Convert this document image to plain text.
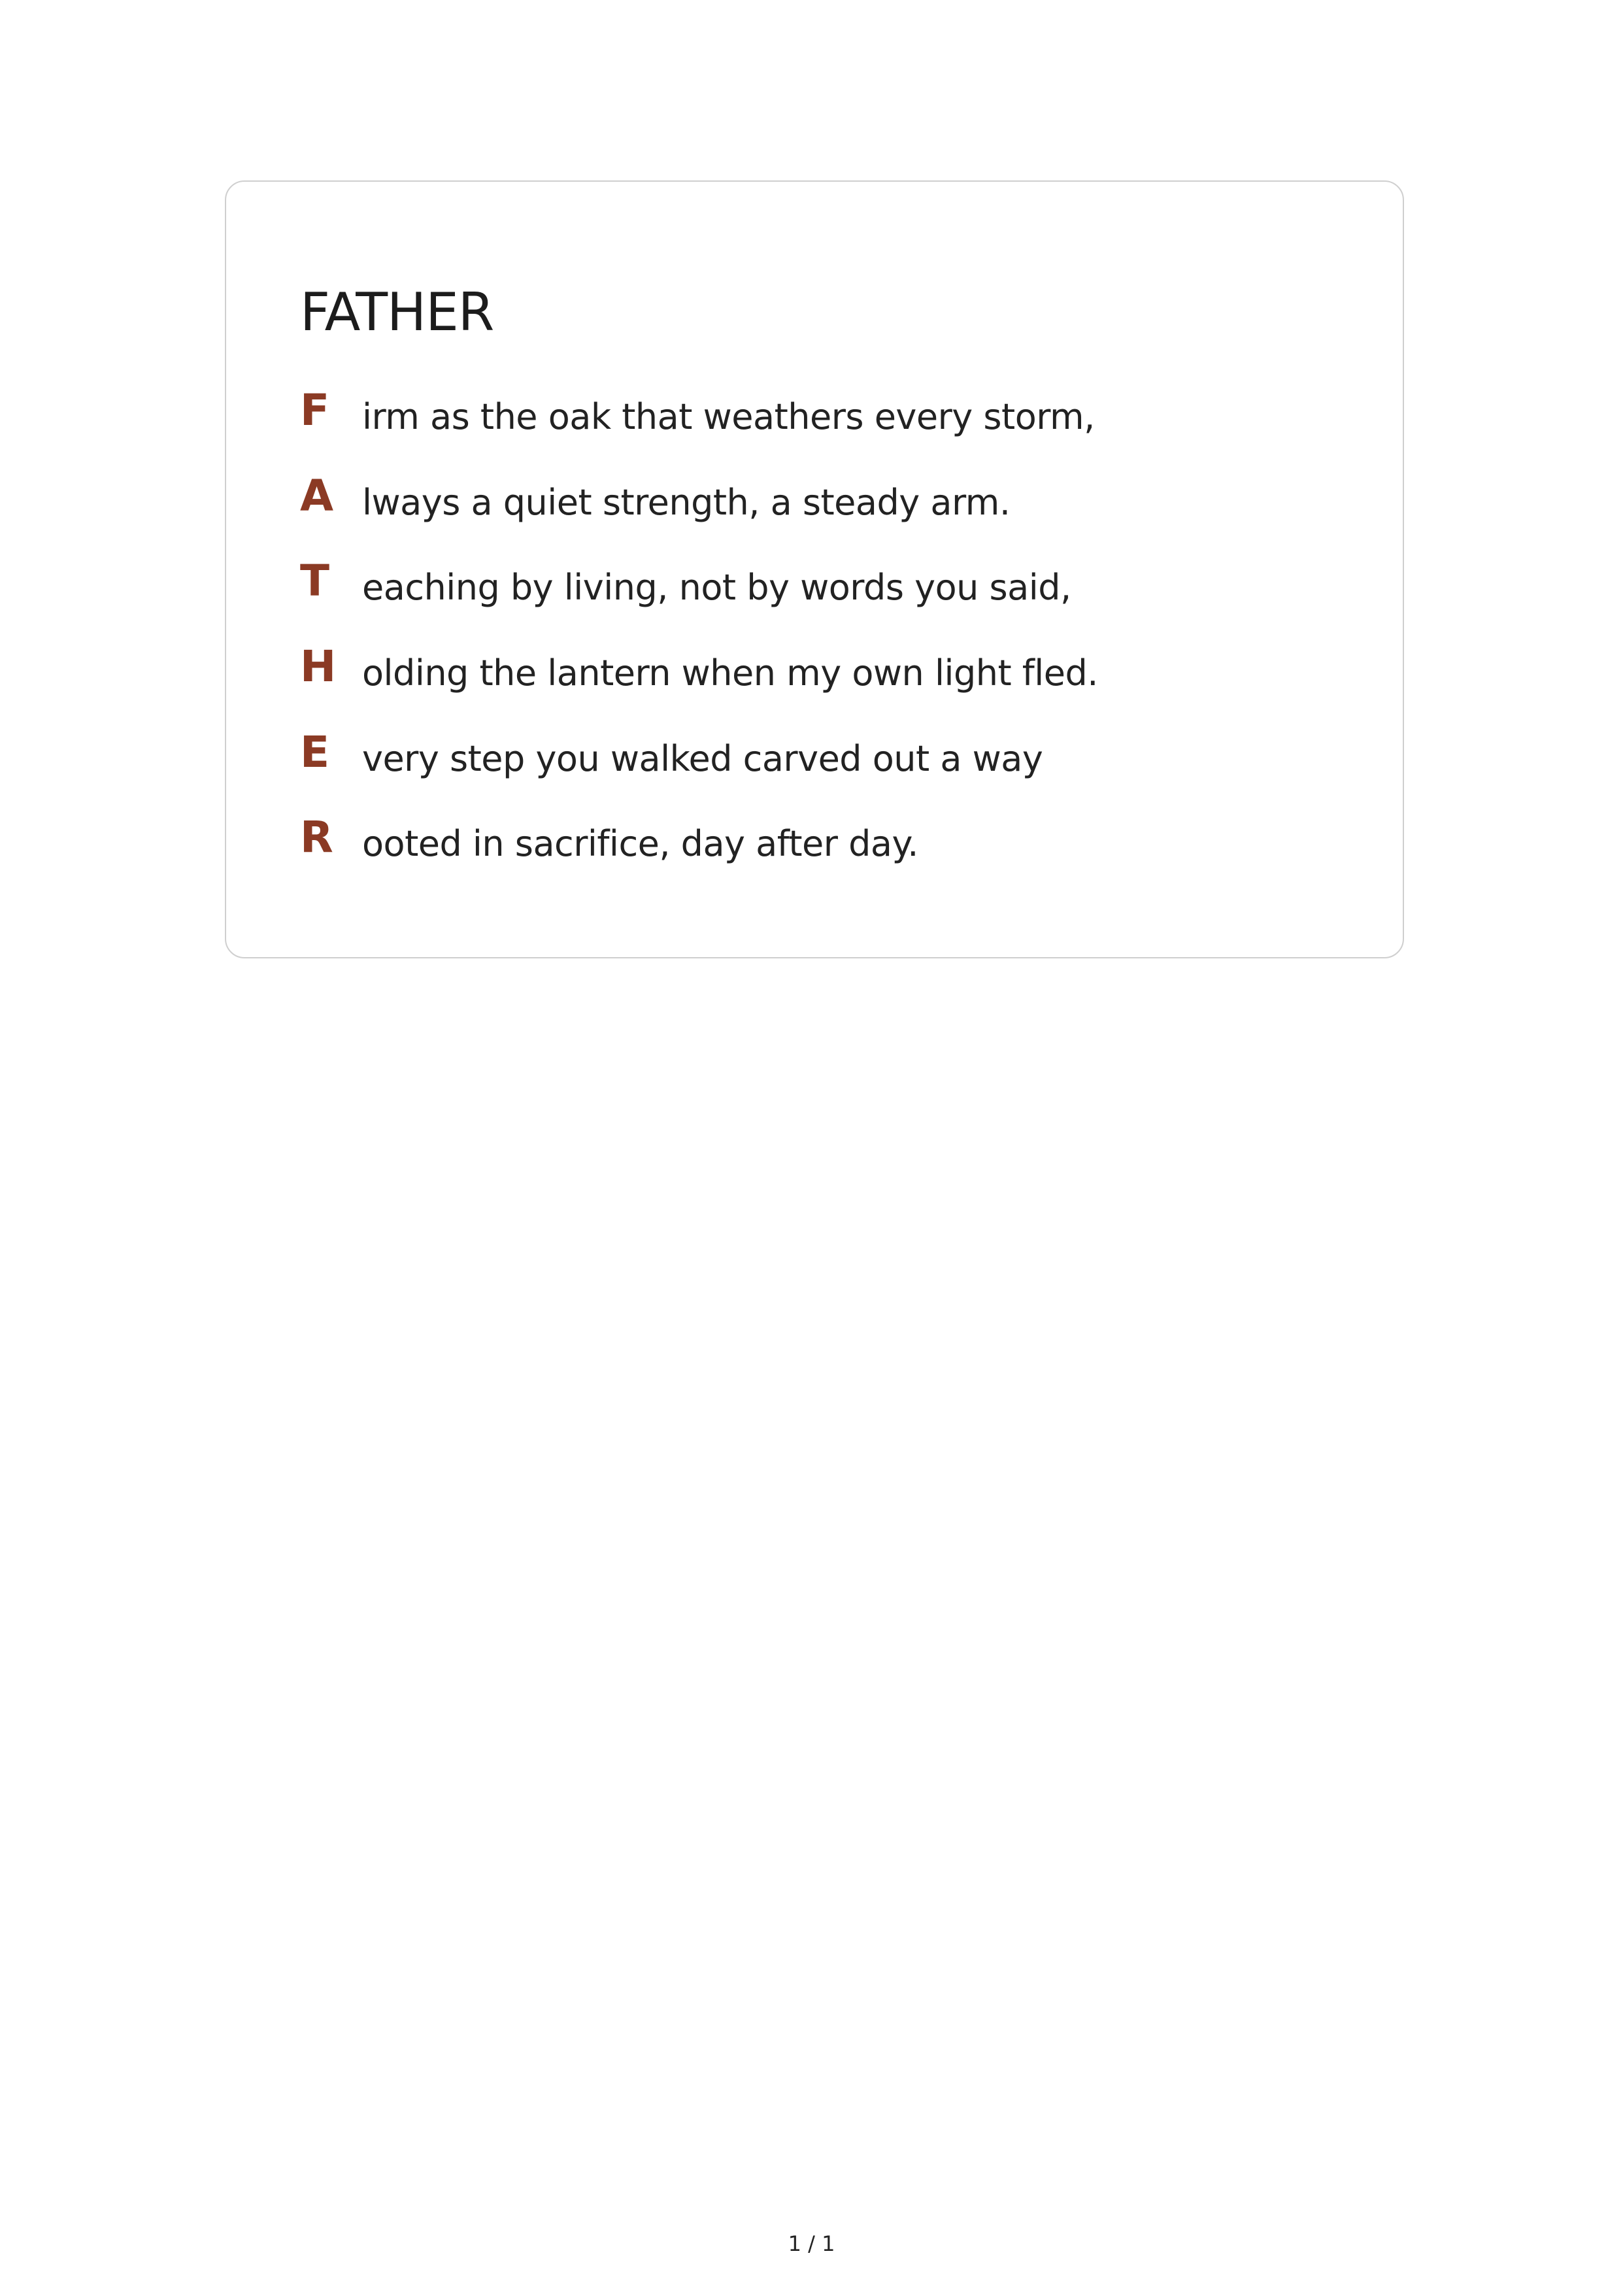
FATHER
F irm as the oak that weathers every storm,
A lways a quiet strength, a steady arm.
T eaching by living, not by words you said,
H olding the lantern when my own light fled.
E very step you walked carved out a way
R ooted in sacrifice, day after day.
1 / 1
